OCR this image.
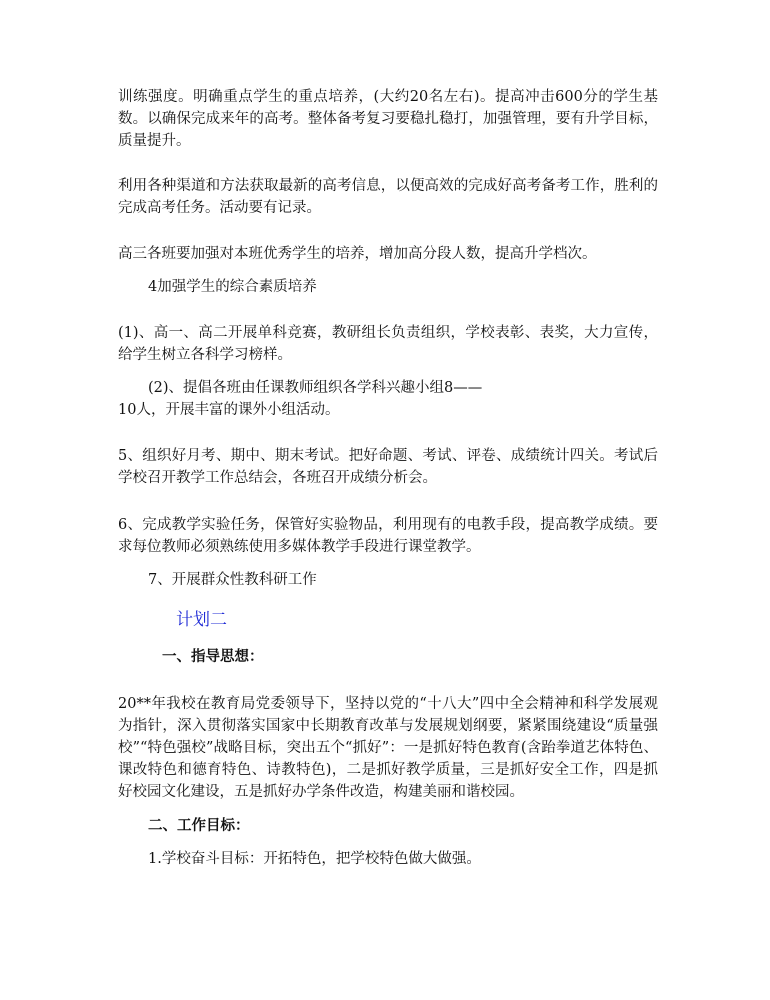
训练强度。明确重点学生的重点培养，(大约20名左右)。提高冲击600分的学生基数。以确保完成来年的高考。整体备考复习要稳扎稳打，加强管理，要有升学目标，质量提升。

利用各种渠道和方法获取最新的高考信息，以便高效的完成好高考备考工作，胜利的完成高考任务。活动要有记录。

高三各班要加强对本班优秀学生的培养，增加高分段人数，提高升学档次。

4加强学生的综合素质培养

(1)、高一、高二开展单科竞赛，教研组长负责组织，学校表彰、表奖，大力宣传，给学生树立各科学习榜样。

(2)、提倡各班由任课教师组织各学科兴趣小组8——
10人，开展丰富的课外小组活动。

5、组织好月考、期中、期末考试。把好命题、考试、评卷、成绩统计四关。考试后学校召开教学工作总结会，各班召开成绩分析会。

6、完成教学实验任务，保管好实验物品，利用现有的电教手段，提高教学成绩。要求每位教师必须熟练使用多媒体教学手段进行课堂教学。

7、开展群众性教科研工作

计划二

一、指导思想：

20**年我校在教育局党委领导下，坚持以党的“十八大”四中全会精神和科学发展观为指针，深入贯彻落实国家中长期教育改革与发展规划纲要，紧紧围绕建设“质量强校”“特色强校”战略目标，突出五个“抓好”：一是抓好特色教育(含跆拳道艺体特色、课改特色和德育特色、诗教特色)，二是抓好教学质量，三是抓好安全工作，四是抓好校园文化建设，五是抓好办学条件改造，构建美丽和谐校园。

二、工作目标：

1.学校奋斗目标：开拓特色，把学校特色做大做强。
